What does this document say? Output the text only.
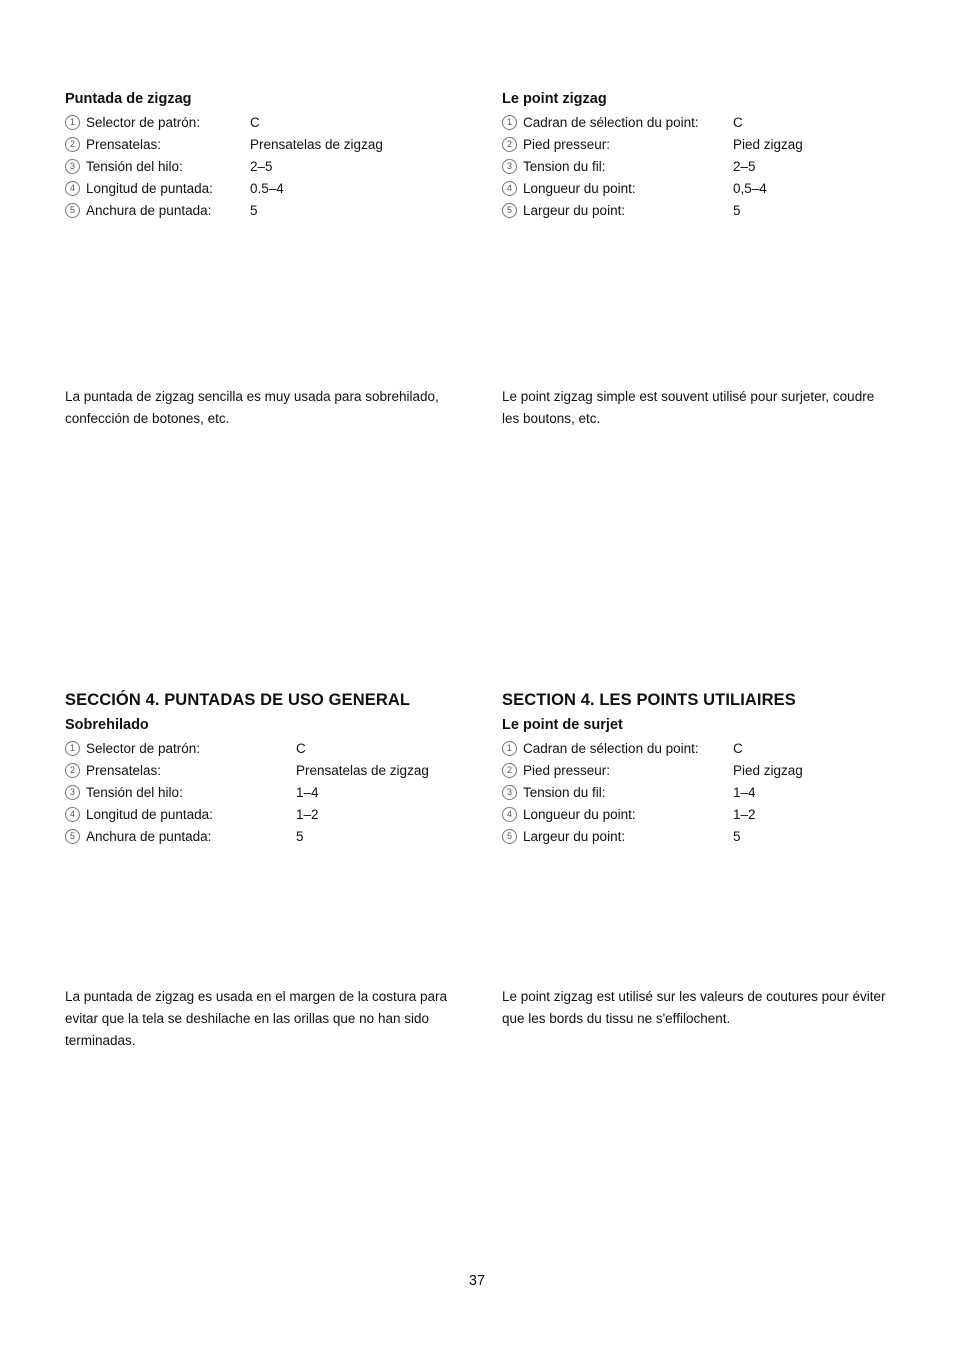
Puntada de zigzag
1 Selector de patrón:	C
2 Prensatelas:	Prensatelas de zigzag
3 Tensión del hilo:	2–5
4 Longitud de puntada:	0.5–4
5 Anchura de puntada:	5
Le point zigzag
1 Cadran de sélection du point:	C
2 Pied presseur:	Pied zigzag
3 Tension du fil:	2–5
4 Longueur du point:	0,5–4
5 Largeur du point:	5
La puntada de zigzag sencilla es muy usada para sobrehilado,
confección de botones, etc.
Le point zigzag simple est souvent utilisé pour surjeter, coudre
les boutons, etc.
SECCIÓN 4. PUNTADAS DE USO GENERAL
Sobrehilado
1 Selector de patrón:	C
2 Prensatelas:	Prensatelas de zigzag
3 Tensión del hilo:	1–4
4 Longitud de puntada:	1–2
5 Anchura de puntada:	5
SECTION 4. LES POINTS UTILIAIRES
Le point de surjet
1 Cadran de sélection du point:	C
2 Pied presseur:	Pied zigzag
3 Tension du fil:	1–4
4 Longueur du point:	1–2
5 Largeur du point:	5
La puntada de zigzag es usada en el margen de la costura para
evitar que la tela se deshilache en las orillas que no han sido
terminadas.
Le point zigzag est utilisé sur les valeurs de coutures pour éviter
que les bords du tissu ne s'effilochent.
37
